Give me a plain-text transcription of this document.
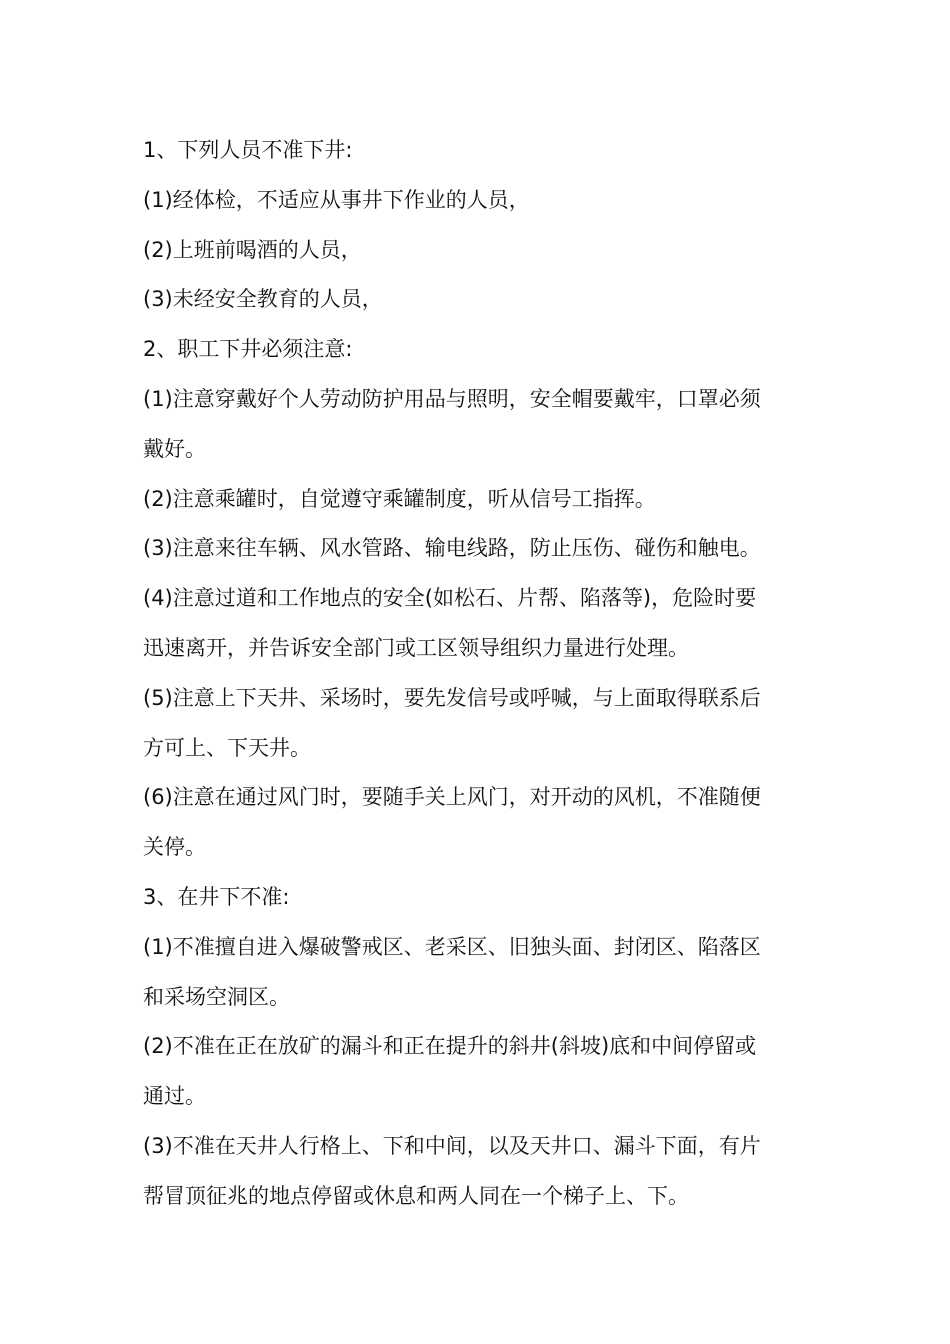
1、下列人员不准下井:

(1)经体检，不适应从事井下作业的人员，

(2)上班前喝酒的人员，

(3)未经安全教育的人员，

2、职工下井必须注意:

(1)注意穿戴好个人劳动防护用品与照明，安全帽要戴牢，口罩必须

戴好。

(2)注意乘罐时，自觉遵守乘罐制度，听从信号工指挥。

(3)注意来往车辆、风水管路、输电线路，防止压伤、碰伤和触电。

(4)注意过道和工作地点的安全(如松石、片帮、陷落等)，危险时要

迅速离开，并告诉安全部门或工区领导组织力量进行处理。

(5)注意上下天井、采场时，要先发信号或呼喊，与上面取得联系后

方可上、下天井。

(6)注意在通过风门时，要随手关上风门，对开动的风机，不准随便

关停。

3、在井下不准:

(1)不准擅自进入爆破警戒区、老采区、旧独头面、封闭区、陷落区

和采场空洞区。

(2)不准在正在放矿的漏斗和正在提升的斜井(斜坡)底和中间停留或

通过。

(3)不准在天井人行格上、下和中间，以及天井口、漏斗下面，有片

帮冒顶征兆的地点停留或休息和两人同在一个梯子上、下。
